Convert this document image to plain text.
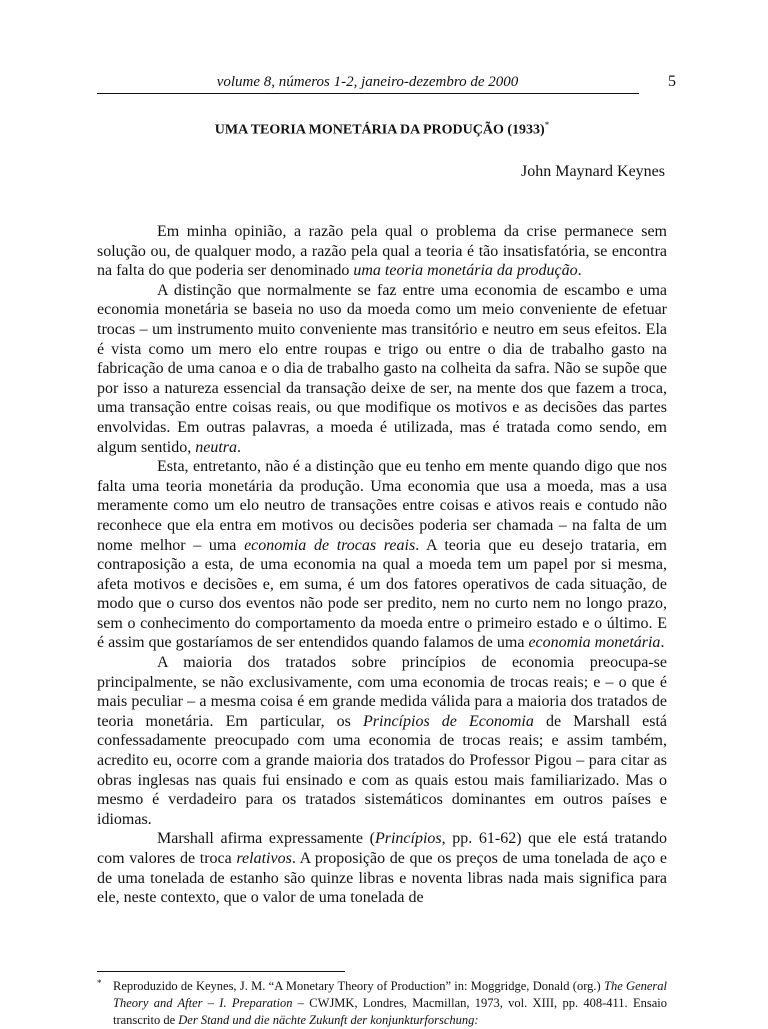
volume 8, números 1-2, janeiro-dezembro de 2000	5
UMA TEORIA MONETÁRIA DA PRODUÇÃO (1933)*
John Maynard Keynes

Em minha opinião, a razão pela qual o problema da crise permanece sem solução ou, de qualquer modo, a razão pela qual a teoria é tão insatisfatória, se encontra na falta do que poderia ser denominado uma teoria monetária da produção.

A distinção que normalmente se faz entre uma economia de escambo e uma economia monetária se baseia no uso da moeda como um meio conveniente de efetuar trocas – um instrumento muito conveniente mas transitório e neutro em seus efeitos. Ela é vista como um mero elo entre roupas e trigo ou entre o dia de trabalho gasto na fabricação de uma canoa e o dia de trabalho gasto na colheita da safra. Não se supõe que por isso a natureza essencial da transação deixe de ser, na mente dos que fazem a troca, uma transação entre coisas reais, ou que modifique os motivos e as decisões das partes envolvidas. Em outras palavras, a moeda é utilizada, mas é tratada como sendo, em algum sentido, neutra.

Esta, entretanto, não é a distinção que eu tenho em mente quando digo que nos falta uma teoria monetária da produção. Uma economia que usa a moeda, mas a usa meramente como um elo neutro de transações entre coisas e ativos reais e contudo não reconhece que ela entra em motivos ou decisões poderia ser chamada – na falta de um nome melhor – uma economia de trocas reais. A teoria que eu desejo trataria, em contraposição a esta, de uma economia na qual a moeda tem um papel por si mesma, afeta motivos e decisões e, em suma, é um dos fatores operativos de cada situação, de modo que o curso dos eventos não pode ser predito, nem no curto nem no longo prazo, sem o conhecimento do comportamento da moeda entre o primeiro estado e o último. E é assim que gostaríamos de ser entendidos quando falamos de uma economia monetária.

A maioria dos tratados sobre princípios de economia preocupa-se principalmente, se não exclusivamente, com uma economia de trocas reais; e – o que é mais peculiar – a mesma coisa é em grande medida válida para a maioria dos tratados de teoria monetária. Em particular, os Princípios de Economia de Marshall está confessadamente preocupado com uma economia de trocas reais; e assim também, acredito eu, ocorre com a grande maioria dos tratados do Professor Pigou – para citar as obras inglesas nas quais fui ensinado e com as quais estou mais familiarizado. Mas o mesmo é verdadeiro para os tratados sistemáticos dominantes em outros países e idiomas.

Marshall afirma expressamente (Princípios, pp. 61-62) que ele está tratando com valores de troca relativos. A proposição de que os preços de uma tonelada de aço e de uma tonelada de estanho são quinze libras e noventa libras nada mais significa para ele, neste contexto, que o valor de uma tonelada de

* Reproduzido de Keynes, J. M. “A Monetary Theory of Production” in: Moggridge, Donald (org.) The General Theory and After – I. Preparation – CWJMK, Londres, Macmillan, 1973, vol. XIII, pp. 408-411. Ensaio transcrito de Der Stand und die nächte Zukunft der konjunkturforschung:
